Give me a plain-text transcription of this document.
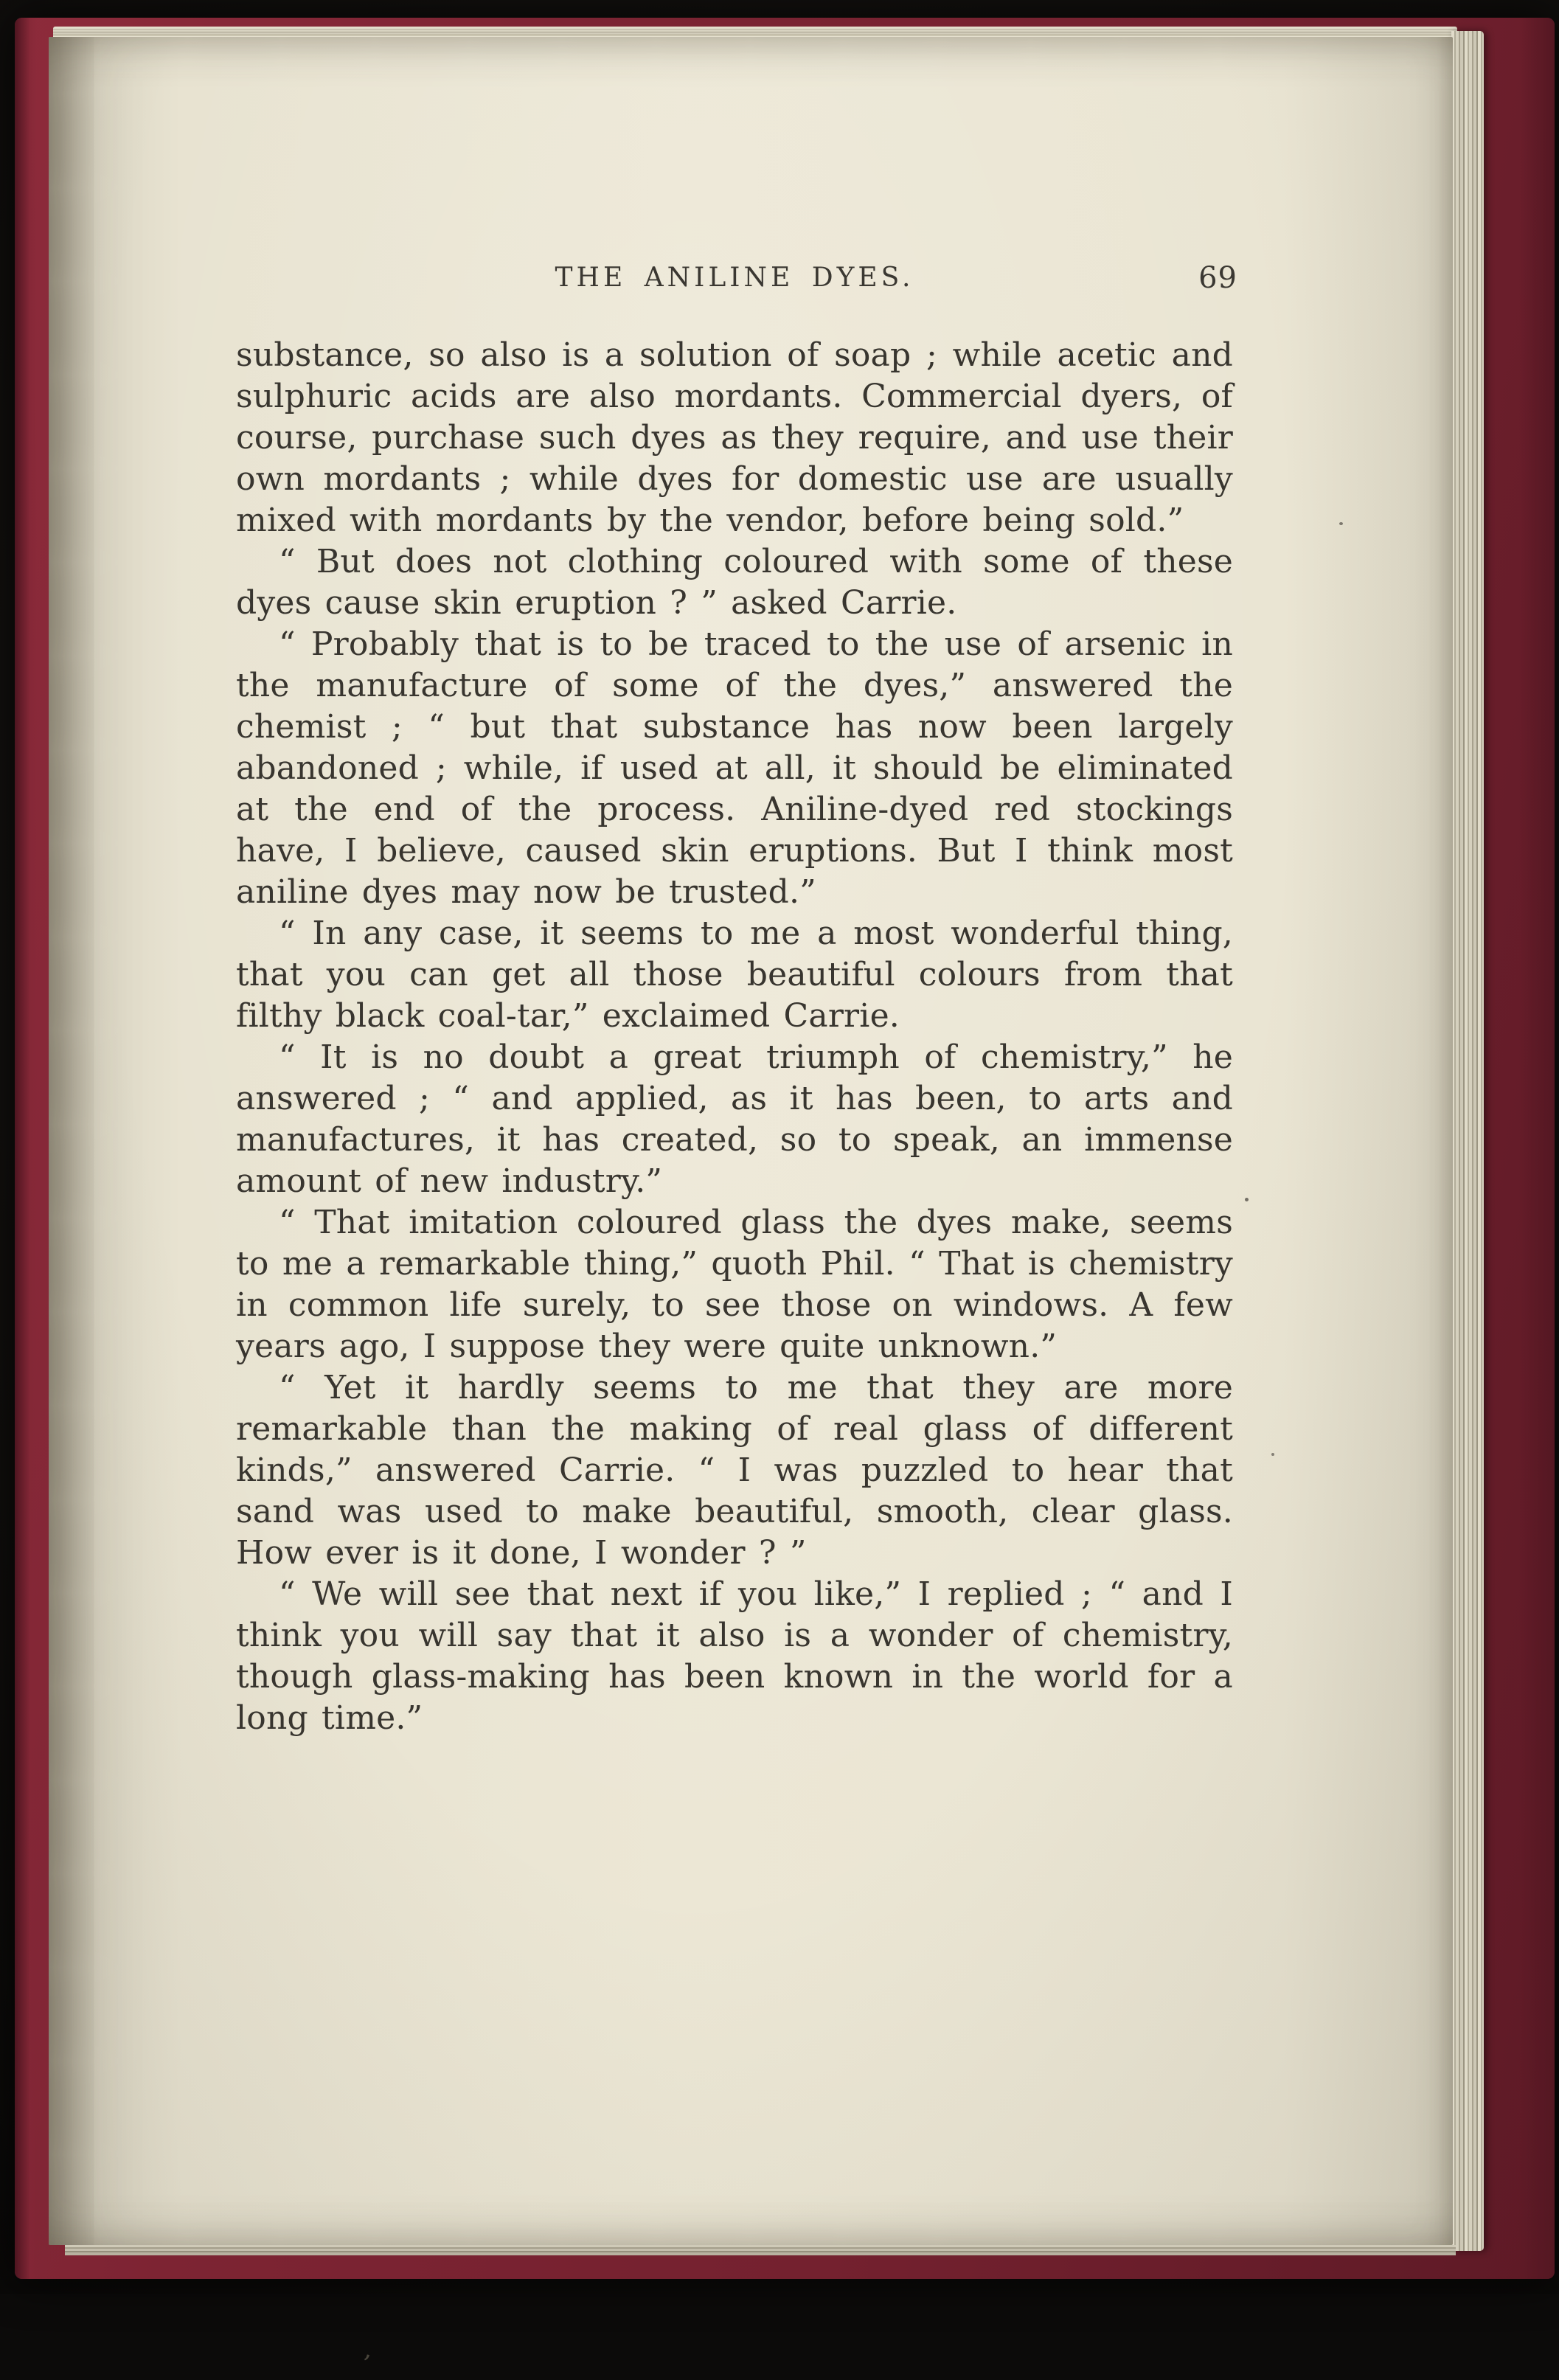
THE ANILINE DYES.	69

substance, so also is a solution of soap ; while acetic and sulphuric acids are also mordants. Commercial dyers, of course, purchase such dyes as they require, and use their own mordants ; while dyes for domestic use are usually mixed with mordants by the vendor, before being sold.”

“ But does not clothing coloured with some of these dyes cause skin eruption ? ” asked Carrie.

“ Probably that is to be traced to the use of arsenic in the manufacture of some of the dyes,” answered the chemist ; “ but that substance has now been largely abandoned ; while, if used at all, it should be eliminated at the end of the process. Aniline-dyed red stockings have, I believe, caused skin eruptions. But I think most aniline dyes may now be trusted.”

“ In any case, it seems to me a most wonderful thing, that you can get all those beautiful colours from that filthy black coal-tar,” exclaimed Carrie.

“ It is no doubt a great triumph of chemistry,” he answered ; “ and applied, as it has been, to arts and manufactures, it has created, so to speak, an immense amount of new industry.”

“ That imitation coloured glass the dyes make, seems to me a remarkable thing,” quoth Phil. “ That is chemistry in common life surely, to see those on windows. A few years ago, I suppose they were quite unknown.”

“ Yet it hardly seems to me that they are more remarkable than the making of real glass of different kinds,” answered Carrie. “ I was puzzled to hear that sand was used to make beautiful, smooth, clear glass. How ever is it done, I wonder ? ”

“ We will see that next if you like,” I replied ; “ and I think you will say that it also is a wonder of chemistry, though glass-making has been known in the world for a long time.”

’
